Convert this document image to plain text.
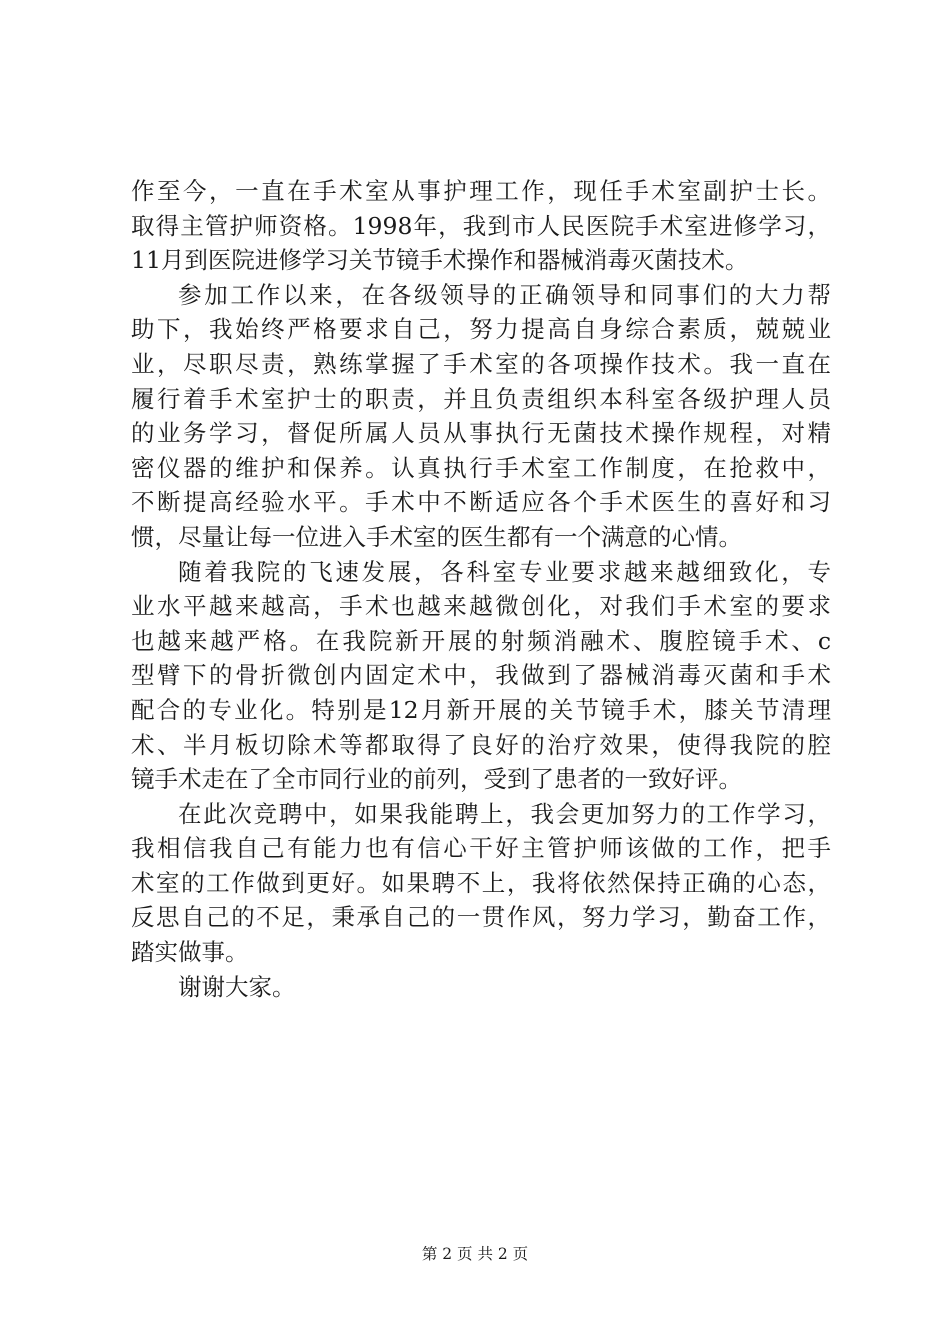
作至今，一直在手术室从事护理工作，现任手术室副护士长。
取得主管护师资格。1998年，我到市人民医院手术室进修学习，
11月到医院进修学习关节镜手术操作和器械消毒灭菌技术。
参加工作以来，在各级领导的正确领导和同事们的大力帮
助下，我始终严格要求自己，努力提高自身综合素质，兢兢业
业，尽职尽责，熟练掌握了手术室的各项操作技术。我一直在
履行着手术室护士的职责，并且负责组织本科室各级护理人员
的业务学习，督促所属人员从事执行无菌技术操作规程，对精
密仪器的维护和保养。认真执行手术室工作制度，在抢救中，
不断提高经验水平。手术中不断适应各个手术医生的喜好和习
惯，尽量让每一位进入手术室的医生都有一个满意的心情。
随着我院的飞速发展，各科室专业要求越来越细致化，专
业水平越来越高，手术也越来越微创化，对我们手术室的要求
也越来越严格。在我院新开展的射频消融术、腹腔镜手术、c
型臂下的骨折微创内固定术中，我做到了器械消毒灭菌和手术
配合的专业化。特别是12月新开展的关节镜手术，膝关节清理
术、半月板切除术等都取得了良好的治疗效果，使得我院的腔
镜手术走在了全市同行业的前列，受到了患者的一致好评。
在此次竞聘中，如果我能聘上，我会更加努力的工作学习，
我相信我自己有能力也有信心干好主管护师该做的工作，把手
术室的工作做到更好。如果聘不上，我将依然保持正确的心态，
反思自己的不足，秉承自己的一贯作风，努力学习，勤奋工作，
踏实做事。
谢谢大家。
第 2 页 共 2 页
